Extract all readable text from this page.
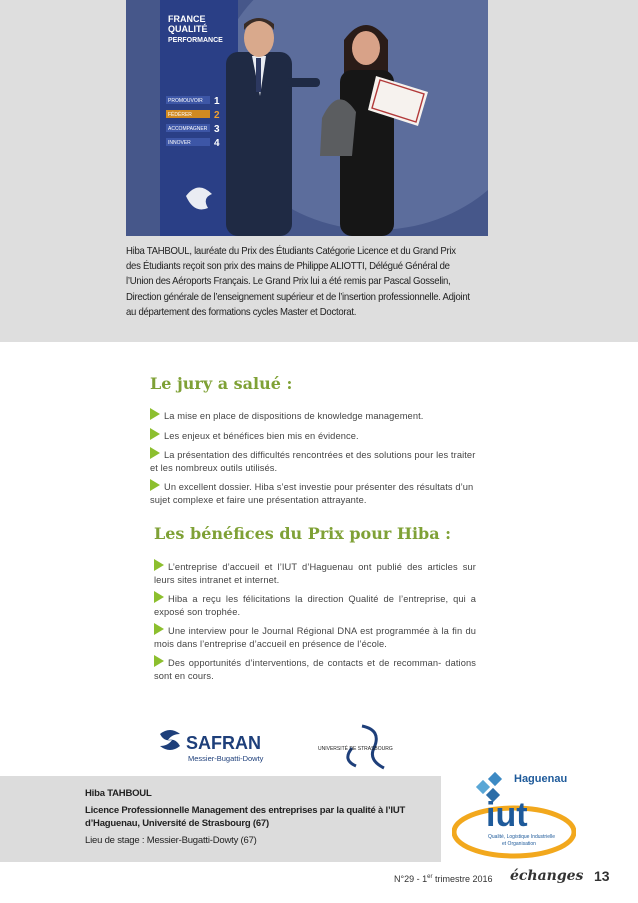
FRANCE
QUALITÉ
PERFORMANCE
PROMOUVOIR 1
FÉDÉRER 2
ACCOMPAGNER 3
INNOVER 4

Hiba TAHBOUL, lauréate du Prix des Étudiants Catégorie Licence et du Grand Prix des Étudiants reçoit son prix des mains de Philippe ALIOTTI, Délégué Général de l’Union des Aéroports Français. Le Grand Prix lui a été remis par Pascal Gosselin, Direction générale de l’enseignement supérieur et de l’insertion professionnelle. Adjoint au département des formations cycles Master et Doctorat.

Le jury a salué :
La mise en place de dispositions de knowledge management.
Les enjeux et bénéfices bien mis en évidence.
La présentation des difficultés rencontrées et des solutions pour les traiter et les nombreux outils utilisés.
Un excellent dossier. Hiba s’est investie pour présenter des résultats d’un sujet complexe et faire une présentation attrayante.
Les bénéfices du Prix pour Hiba :
L’entreprise d’accueil et l’IUT d’Haguenau ont publié des articles sur leurs sites intranet et internet.
Hiba a reçu les félicitations la direction Qualité de l’entreprise, qui a exposé son trophée.
Une interview pour le Journal Régional DNA est programmée à la fin du mois dans l’entreprise d’accueil en présence de l’école.
Des opportunités d’interventions, de contacts et de recomman- dations sont en cours.
SAFRAN
Messier-Bugatti-Dowty
UNIVERSITÉ DE STRASBOURG

Hiba TAHBOUL

Licence Professionnelle Management des entreprises par la qualité à l’IUT d’Haguenau, Université de Strasbourg (67)

Lieu de stage : Messier-Bugatti-Dowty (67)

Haguenau
iut
Qualité, Logistique Industrielle
et Organisation
N°29 - 1er trimestre 2016 échanges 13
